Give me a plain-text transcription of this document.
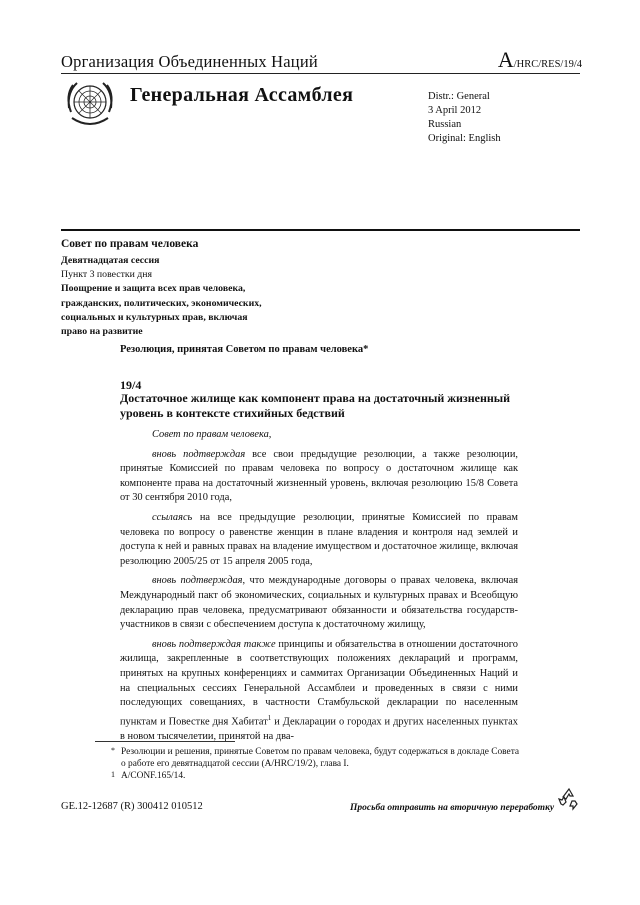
Организация Объединенных Наций	A/HRC/RES/19/4
Генеральная Ассамблея	Distr.: General
3 April 2012
Russian
Original: English
Совет по правам человека
Девятнадцатая сессия
Пункт 3 повестки дня
Поощрение и защита всех прав человека,
гражданских, политических, экономических,
социальных и культурных прав, включая
право на развитие
Резолюция, принятая Советом по правам человека*
19/4
Достаточное жилище как компонент права на достаточный жизненный уровень в контексте стихийных бедствий

Совет по правам человека,

вновь подтверждая все свои предыдущие резолюции, а также резолюции, принятые Комиссией по правам человека по вопросу о достаточном жилище как компоненте права на достаточный жизненный уровень, включая резолюцию 15/8 Совета от 30 сентября 2010 года,

ссылаясь на все предыдущие резолюции, принятые Комиссией по правам человека по вопросу о равенстве женщин в плане владения и контроля над землей и доступа к ней и равных правах на владение имуществом и достаточное жилище, включая резолюцию 2005/25 от 15 апреля 2005 года,

вновь подтверждая, что международные договоры о правах человека, включая Международный пакт об экономических, социальных и культурных правах и Всеобщую декларацию прав человека, предусматривают обязанности и обязательства государств-участников в связи с обеспечением доступа к достаточному жилищу,

вновь подтверждая также принципы и обязательства в отношении достаточного жилища, закрепленные в соответствующих положениях деклараций и программ, принятых на крупных конференциях и саммитах Организации Объединенных Наций и на специальных сессиях Генеральной Ассамблеи и проведенных в связи с ними последующих совещаниях, в частности Стамбульской декларации по населенным пунктам и Повестке дня Хабитат$^1$ и Декларации о городах и других населенных пунктах в новом тысячелетии, принятой на два-

* Резолюции и решения, принятые Советом по правам человека, будут содержаться в докладе Совета о работе его девятнадцатой сессии (A/HRC/19/2), глава I.
1 A/CONF.165/14.
GE.12-12687 (R) 300412 010512	Просьба отправить на вторичную переработку
